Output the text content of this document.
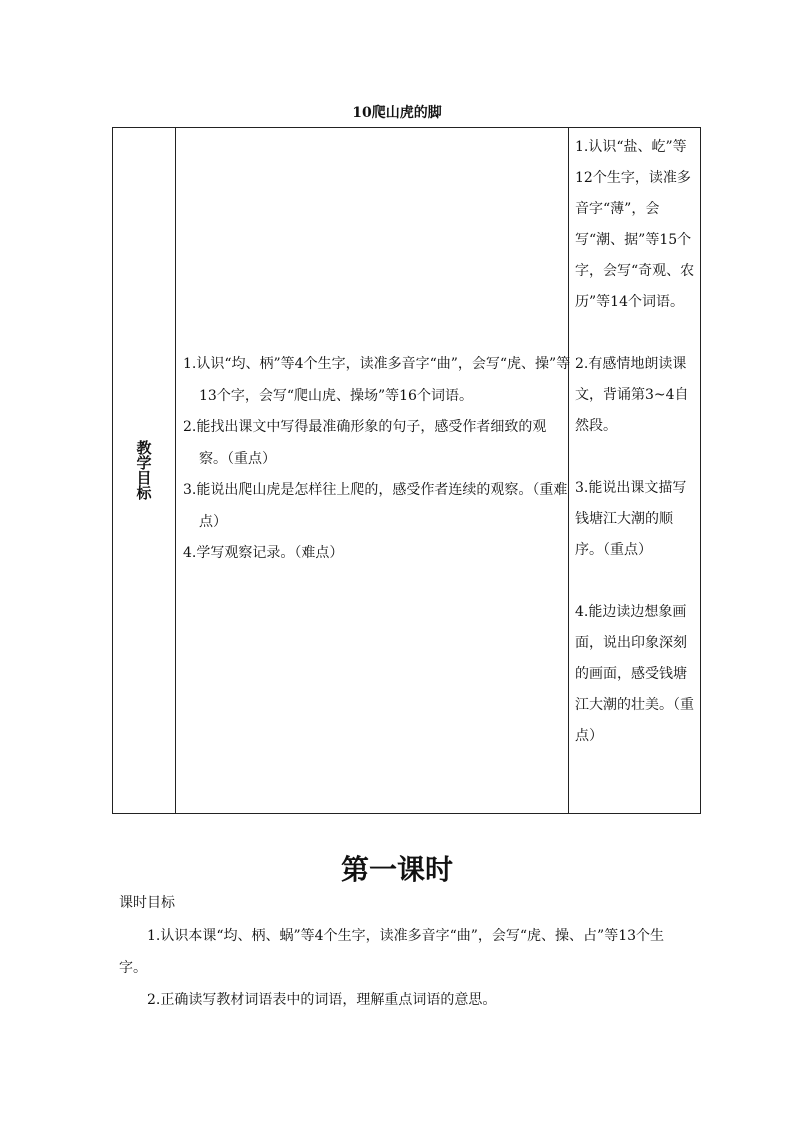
10爬山虎的脚
教
学
目
标
1.认识“均、柄”等4个生字，读准多音字“曲”，会写“虎、操”等13个字，会写“爬山虎、操场”等16个词语。
2.能找出课文中写得最准确形象的句子，感受作者细致的观察。（重点）
3.能说出爬山虎是怎样往上爬的，感受作者连续的观察。（重难点）
4.学写观察记录。（难点）
1.认识“盐、屹”等12个生字，读准多音字“薄”，会写“潮、据”等15个字，会写“奇观、农历”等14个词语。
2.有感情地朗读课文，背诵第3~4自然段。
3.能说出课文描写钱塘江大潮的顺序。（重点）
4.能边读边想象画面，说出印象深刻的画面，感受钱塘江大潮的壮美。（重点）
第一课时
课时目标
1.认识本课“均、柄、蜗”等4个生字，读准多音字“曲”，会写“虎、操、占”等13个生字。
2.正确读写教材词语表中的词语，理解重点词语的意思。
